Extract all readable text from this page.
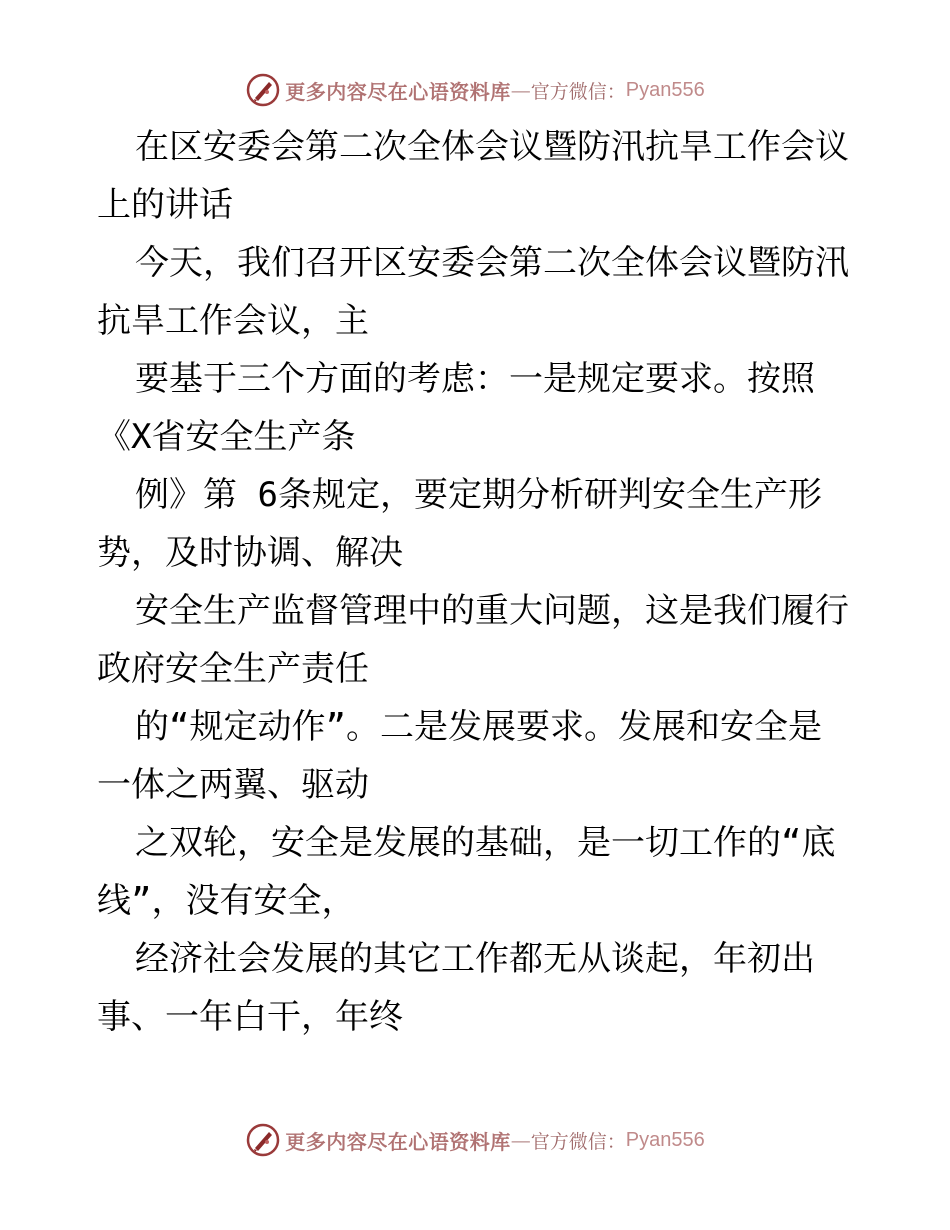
更多内容尽在心语资料库 — 官方微信： Pyan556
在区安委会第二次全体会议暨防汛抗旱工作会议
上的讲话
今天，我们召开区安委会第二次全体会议暨防汛
抗旱工作会议，主
要基于三个方面的考虑：一是规定要求。按照
《X省安全生产条
例》第 6条规定，要定期分析研判安全生产形
势，及时协调、解决
安全生产监督管理中的重大问题，这是我们履行
政府安全生产责任
的“规定动作”。二是发展要求。发展和安全是
一体之两翼、驱动
之双轮，安全是发展的基础，是一切工作的“底
线”，没有安全，
经济社会发展的其它工作都无从谈起，年初出
事、一年白干，年终
更多内容尽在心语资料库 — 官方微信： Pyan556
